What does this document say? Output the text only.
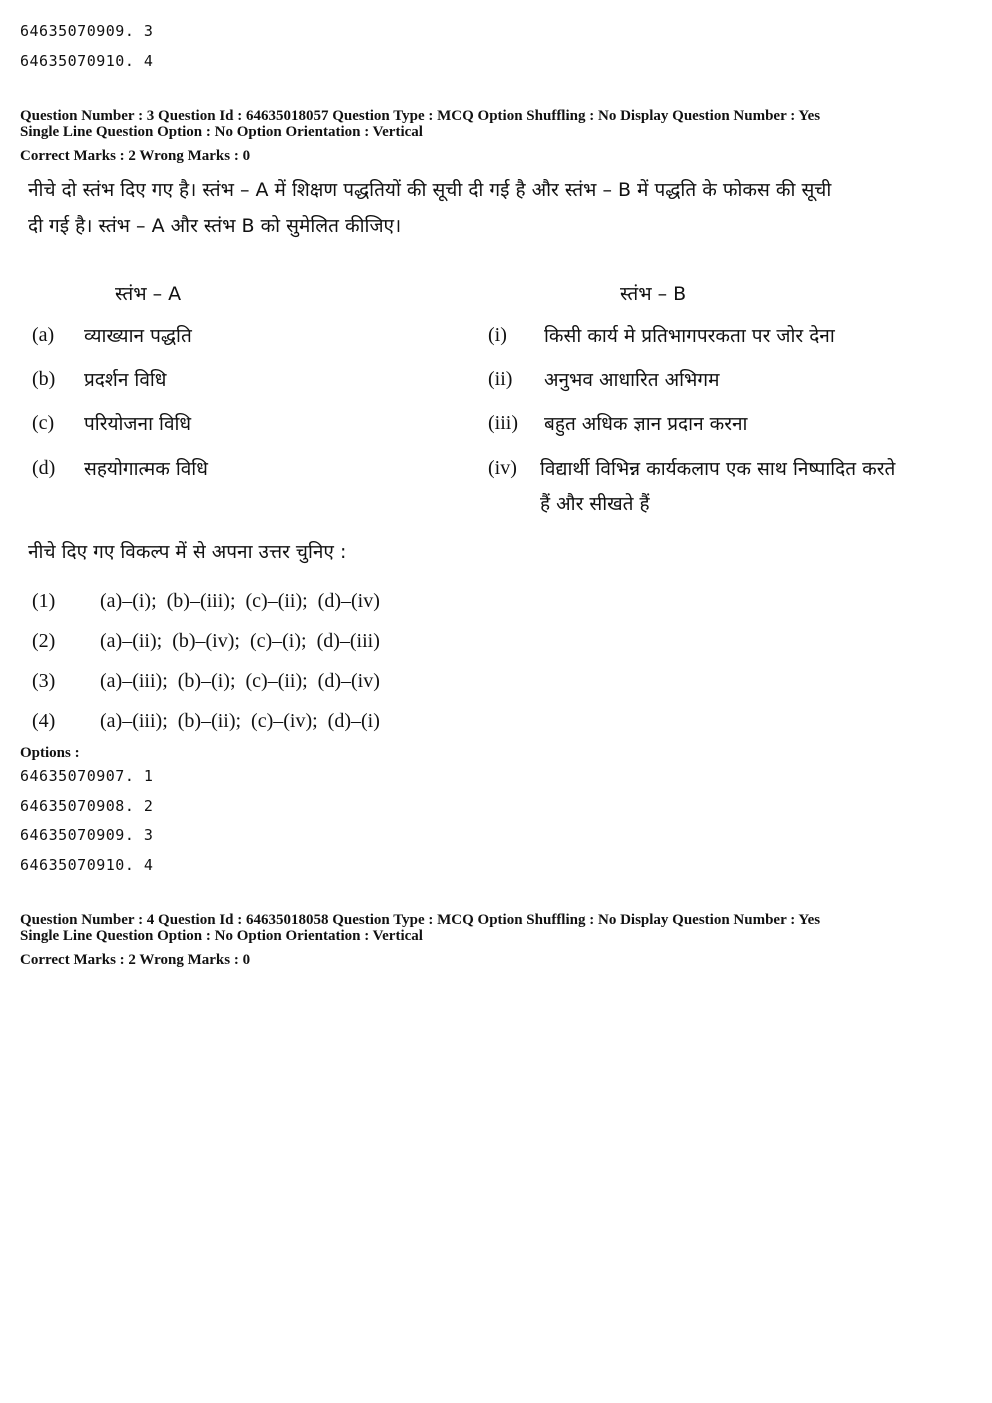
64635070909. 3
64635070910. 4
Question Number : 3 Question Id : 64635018057 Question Type : MCQ Option Shuffling : No Display Question Number : Yes
Single Line Question Option : No Option Orientation : Vertical
Correct Marks : 2 Wrong Marks : 0
नीचे दो स्तंभ दिए गए है। स्तंभ – A में शिक्षण पद्धतियों की सूची दी गई है और स्तंभ – B में पद्धति के फोकस की सूची
दी गई है। स्तंभ – A और स्तंभ B को सुमेलित कीजिए।
स्तंभ – A	स्तंभ – B
(a) व्याख्यान पद्धति
(b) प्रदर्शन विधि
(c) परियोजना विधि
(d) सहयोगात्मक विधि
(i) किसी कार्य मे प्रतिभागपरकता पर जोर देना
(ii) अनुभव आधारित अभिगम
(iii) बहुत अधिक ज्ञान प्रदान करना
(iv) विद्यार्थी विभिन्न कार्यकलाप एक साथ निष्पादित करते
हैं और सीखते हैं
नीचे दिए गए विकल्प में से अपना उत्तर चुनिए :
(1) (a)–(i);  (b)–(iii);  (c)–(ii);  (d)–(iv)
(2) (a)–(ii);  (b)–(iv);  (c)–(i);  (d)–(iii)
(3) (a)–(iii);  (b)–(i);  (c)–(ii);  (d)–(iv)
(4) (a)–(iii);  (b)–(ii);  (c)–(iv);  (d)–(i)
Options :
64635070907. 1
64635070908. 2
64635070909. 3
64635070910. 4
Question Number : 4 Question Id : 64635018058 Question Type : MCQ Option Shuffling : No Display Question Number : Yes
Single Line Question Option : No Option Orientation : Vertical
Correct Marks : 2 Wrong Marks : 0
